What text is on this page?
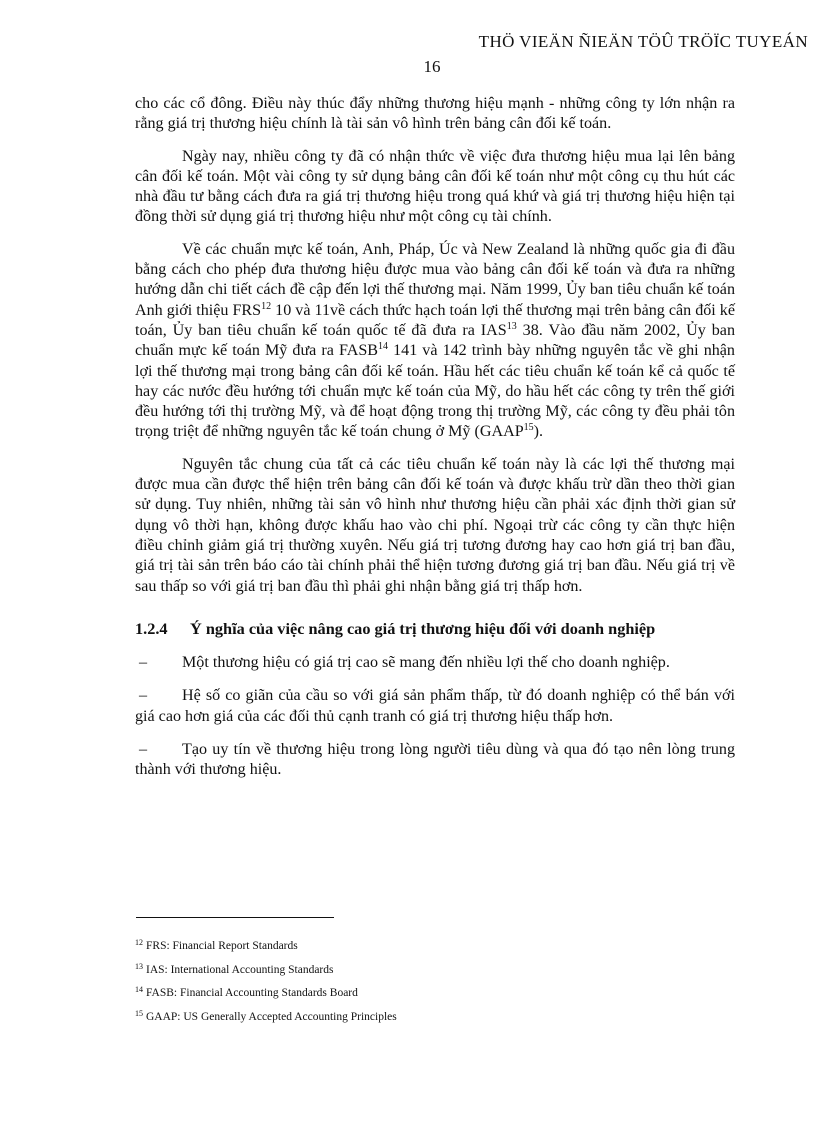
THÖ VIEÄN ÑIEÄN TÖÛ TRÖÏC TUYEÁN
16

cho các cổ đông. Điều này thúc đẩy những thương hiệu mạnh - những công ty lớn nhận ra rằng giá trị thương hiệu chính là tài sản vô hình trên bảng cân đối kế toán.

Ngày nay, nhiều công ty đã có nhận thức về việc đưa thương hiệu mua lại lên bảng cân đối kế toán. Một vài công ty sử dụng bảng cân đối kế toán như một công cụ thu hút các nhà đầu tư bằng cách đưa ra giá trị thương hiệu trong quá khứ và giá trị thương hiệu hiện tại đồng thời sử dụng giá trị thương hiệu như một công cụ tài chính.

Về các chuẩn mực kế toán, Anh, Pháp, Úc và New Zealand là những quốc gia đi đầu bằng cách cho phép đưa thương hiệu được mua vào bảng cân đối kế toán và đưa ra những hướng dẫn chi tiết cách đề cập đến lợi thế thương mại. Năm 1999, Ủy ban tiêu chuẩn kế toán Anh giới thiệu FRS$^{12}$ 10 và 11về cách thức hạch toán lợi thế thương mại trên bảng cân đối kế toán, Ủy ban tiêu chuẩn kế toán quốc tế đã đưa ra IAS$^{13}$ 38. Vào đầu năm 2002, Ủy ban chuẩn mực kế toán Mỹ đưa ra FASB$^{14}$ 141 và 142 trình bày những nguyên tắc về ghi nhận lợi thế thương mại trong bảng cân đối kế toán. Hầu hết các tiêu chuẩn kế toán kể cả quốc tế hay các nước đều hướng tới chuẩn mực kế toán của Mỹ, do hầu hết các công ty trên thế giới đều hướng tới thị trường Mỹ, và để hoạt động trong thị trường Mỹ, các công ty đều phải tôn trọng triệt để những nguyên tắc kế toán chung ở Mỹ (GAAP$^{15}$).

Nguyên tắc chung của tất cả các tiêu chuẩn kế toán này là các lợi thế thương mại được mua cần được thể hiện trên bảng cân đối kế toán và được khấu trừ dần theo thời gian sử dụng. Tuy nhiên, những tài sản vô hình như thương hiệu cần phải xác định thời gian sử dụng vô thời hạn, không được khấu hao vào chi phí. Ngoại trừ các công ty cần thực hiện điều chỉnh giảm giá trị thường xuyên. Nếu giá trị tương đương hay cao hơn giá trị ban đầu, giá trị tài sản trên báo cáo tài chính phải thể hiện tương đương giá trị ban đầu. Nếu giá trị về sau thấp so với giá trị ban đầu thì phải ghi nhận bằng giá trị thấp hơn.

1.2.4	Ý nghĩa của việc nâng cao giá trị thương hiệu đối với doanh nghiệp
–	Một thương hiệu có giá trị cao sẽ mang đến nhiều lợi thế cho doanh nghiệp.
– Hệ số co giãn của cầu so với giá sản phẩm thấp, từ đó doanh nghiệp có thể bán với giá cao hơn giá của các đối thủ cạnh tranh có giá trị thương hiệu thấp hơn.
– Tạo uy tín về thương hiệu trong lòng người tiêu dùng và qua đó tạo nên lòng trung thành với thương hiệu.
$^{12}$ FRS: Financial Report Standards
$^{13}$ IAS: International Accounting Standards
$^{14}$ FASB: Financial Accounting Standards Board
$^{15}$ GAAP: US Generally Accepted Accounting Principles
